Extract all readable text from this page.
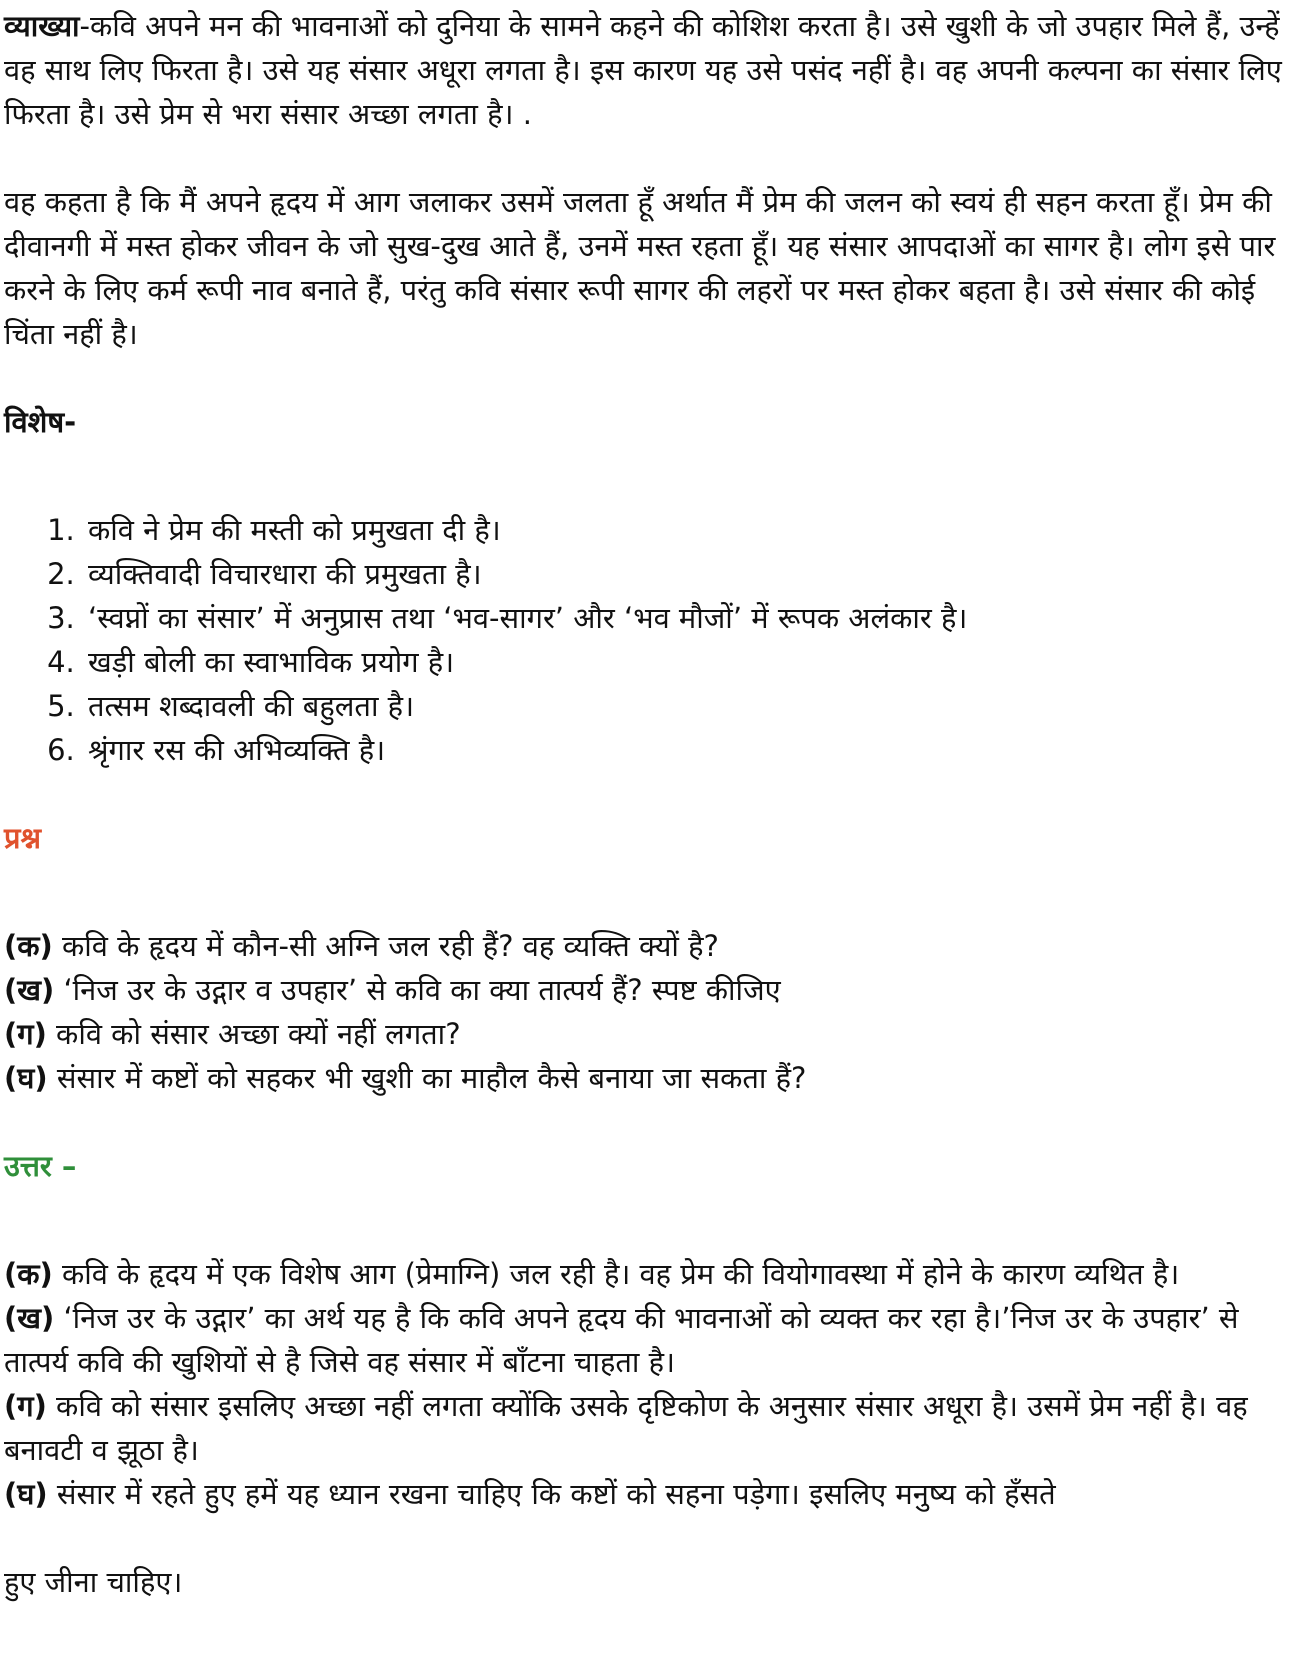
व्याख्या-कवि अपने मन की भावनाओं को दुनिया के सामने कहने की कोशिश करता है। उसे खुशी के जो उपहार मिले हैं, उन्हें वह साथ लिए फिरता है। उसे यह संसार अधूरा लगता है। इस कारण यह उसे पसंद नहीं है। वह अपनी कल्पना का संसार लिए फिरता है। उसे प्रेम से भरा संसार अच्छा लगता है। .

वह कहता है कि मैं अपने हृदय में आग जलाकर उसमें जलता हूँ अर्थात मैं प्रेम की जलन को स्वयं ही सहन करता हूँ। प्रेम की दीवानगी में मस्त होकर जीवन के जो सुख-दुख आते हैं, उनमें मस्त रहता हूँ। यह संसार आपदाओं का सागर है। लोग इसे पार करने के लिए कर्म रूपी नाव बनाते हैं, परंतु कवि संसार रूपी सागर की लहरों पर मस्त होकर बहता है। उसे संसार की कोई चिंता नहीं है।

विशेष-

1. कवि ने प्रेम की मस्ती को प्रमुखता दी है।
2. व्यक्तिवादी विचारधारा की प्रमुखता है।
3. ‘स्वप्नों का संसार’ में अनुप्रास तथा ‘भव-सागर’ और ‘भव मौजों’ में रूपक अलंकार है।
4. खड़ी बोली का स्वाभाविक प्रयोग है।
5. तत्सम शब्दावली की बहुलता है।
6. श्रृंगार रस की अभिव्यक्ति है।

प्रश्न

(क) कवि के हृदय में कौन-सी अग्नि जल रही हैं? वह व्यक्ति क्यों है?

(ख) ‘निज उर के उद्गार व उपहार’ से कवि का क्या तात्पर्य हैं? स्पष्ट कीजिए

(ग) कवि को संसार अच्छा क्यों नहीं लगता?

(घ) संसार में कष्टों को सहकर भी खुशी का माहौल कैसे बनाया जा सकता हैं?

उत्तर –

(क) कवि के हृदय में एक विशेष आग (प्रेमाग्नि) जल रही है। वह प्रेम की वियोगावस्था में होने के कारण व्यथित है।

(ख) ‘निज उर के उद्गार’ का अर्थ यह है कि कवि अपने हृदय की भावनाओं को व्यक्त कर रहा है।’निज उर के उपहार’ से तात्पर्य कवि की खुशियों से है जिसे वह संसार में बाँटना चाहता है।

(ग) कवि को संसार इसलिए अच्छा नहीं लगता क्योंकि उसके दृष्टिकोण के अनुसार संसार अधूरा है। उसमें प्रेम नहीं है। वह बनावटी व झूठा है।

(घ) संसार में रहते हुए हमें यह ध्यान रखना चाहिए कि कष्टों को सहना पड़ेगा। इसलिए मनुष्य को हँसते

हुए जीना चाहिए।
